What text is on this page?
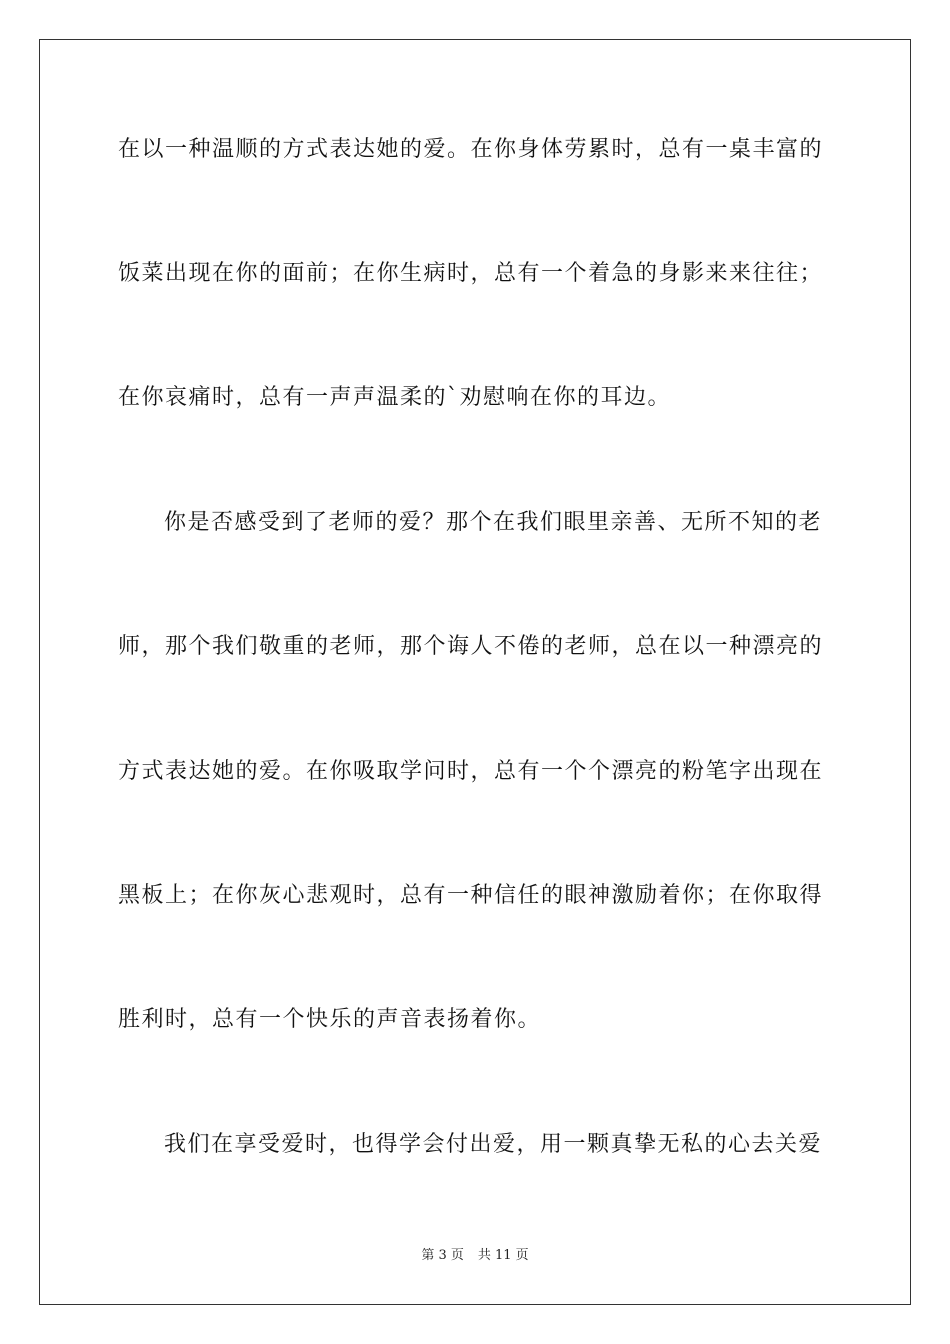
在以一种温顺的方式表达她的爱。在你身体劳累时，总有一桌丰富的
饭菜出现在你的面前；在你生病时，总有一个着急的身影来来往往；
在你哀痛时，总有一声声温柔的`劝慰响在你的耳边。
你是否感受到了老师的爱？那个在我们眼里亲善、无所不知的老
师，那个我们敬重的老师，那个诲人不倦的老师，总在以一种漂亮的
方式表达她的爱。在你吸取学问时，总有一个个漂亮的粉笔字出现在
黑板上；在你灰心悲观时，总有一种信任的眼神激励着你；在你取得
胜利时，总有一个快乐的声音表扬着你。
我们在享受爱时，也得学会付出爱，用一颗真挚无私的心去关爱
第 3 页 共 11 页
